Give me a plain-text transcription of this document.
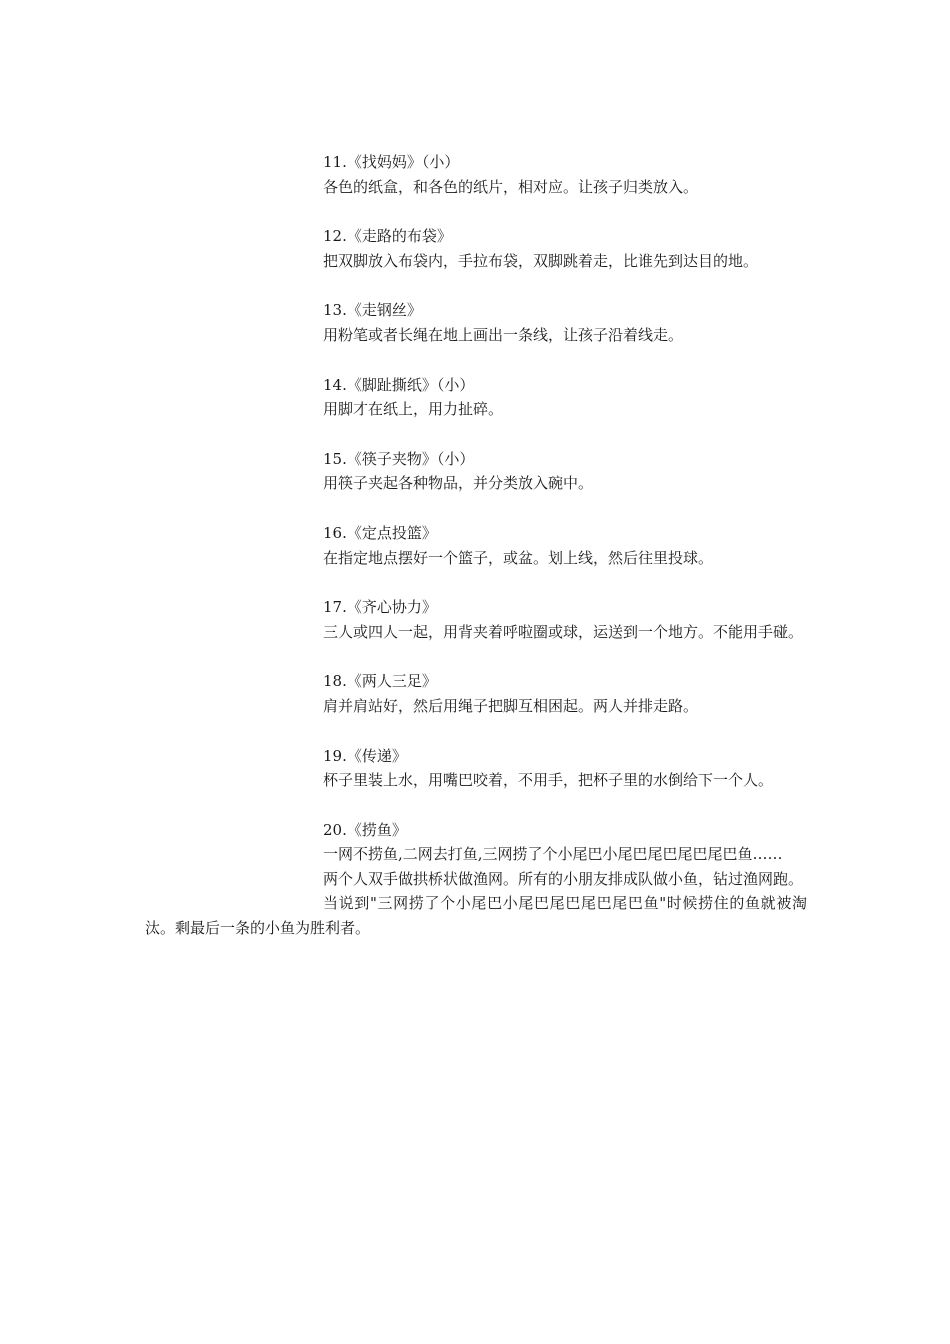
11.《找妈妈》（小）
各色的纸盒，和各色的纸片，相对应。让孩子归类放入。
12.《走路的布袋》
把双脚放入布袋内，手拉布袋，双脚跳着走，比谁先到达目的地。
13.《走钢丝》
用粉笔或者长绳在地上画出一条线，让孩子沿着线走。
14.《脚趾撕纸》（小）
用脚才在纸上，用力扯碎。
15.《筷子夹物》（小）
用筷子夹起各种物品，并分类放入碗中。
16.《定点投篮》
在指定地点摆好一个篮子，或盆。划上线，然后往里投球。
17.《齐心协力》
三人或四人一起，用背夹着呼啦圈或球，运送到一个地方。不能用手碰。
18.《两人三足》
肩并肩站好，然后用绳子把脚互相困起。两人并排走路。
19.《传递》
杯子里装上水，用嘴巴咬着，不用手，把杯子里的水倒给下一个人。
20.《捞鱼》
一网不捞鱼,二网去打鱼,三网捞了个小尾巴小尾巴尾巴尾巴尾巴鱼……
两个人双手做拱桥状做渔网。所有的小朋友排成队做小鱼，钻过渔网跑。
当说到"三网捞了个小尾巴小尾巴尾巴尾巴尾巴鱼"时候捞住的鱼就被淘汰。剩最后一条的小鱼为胜利者。
